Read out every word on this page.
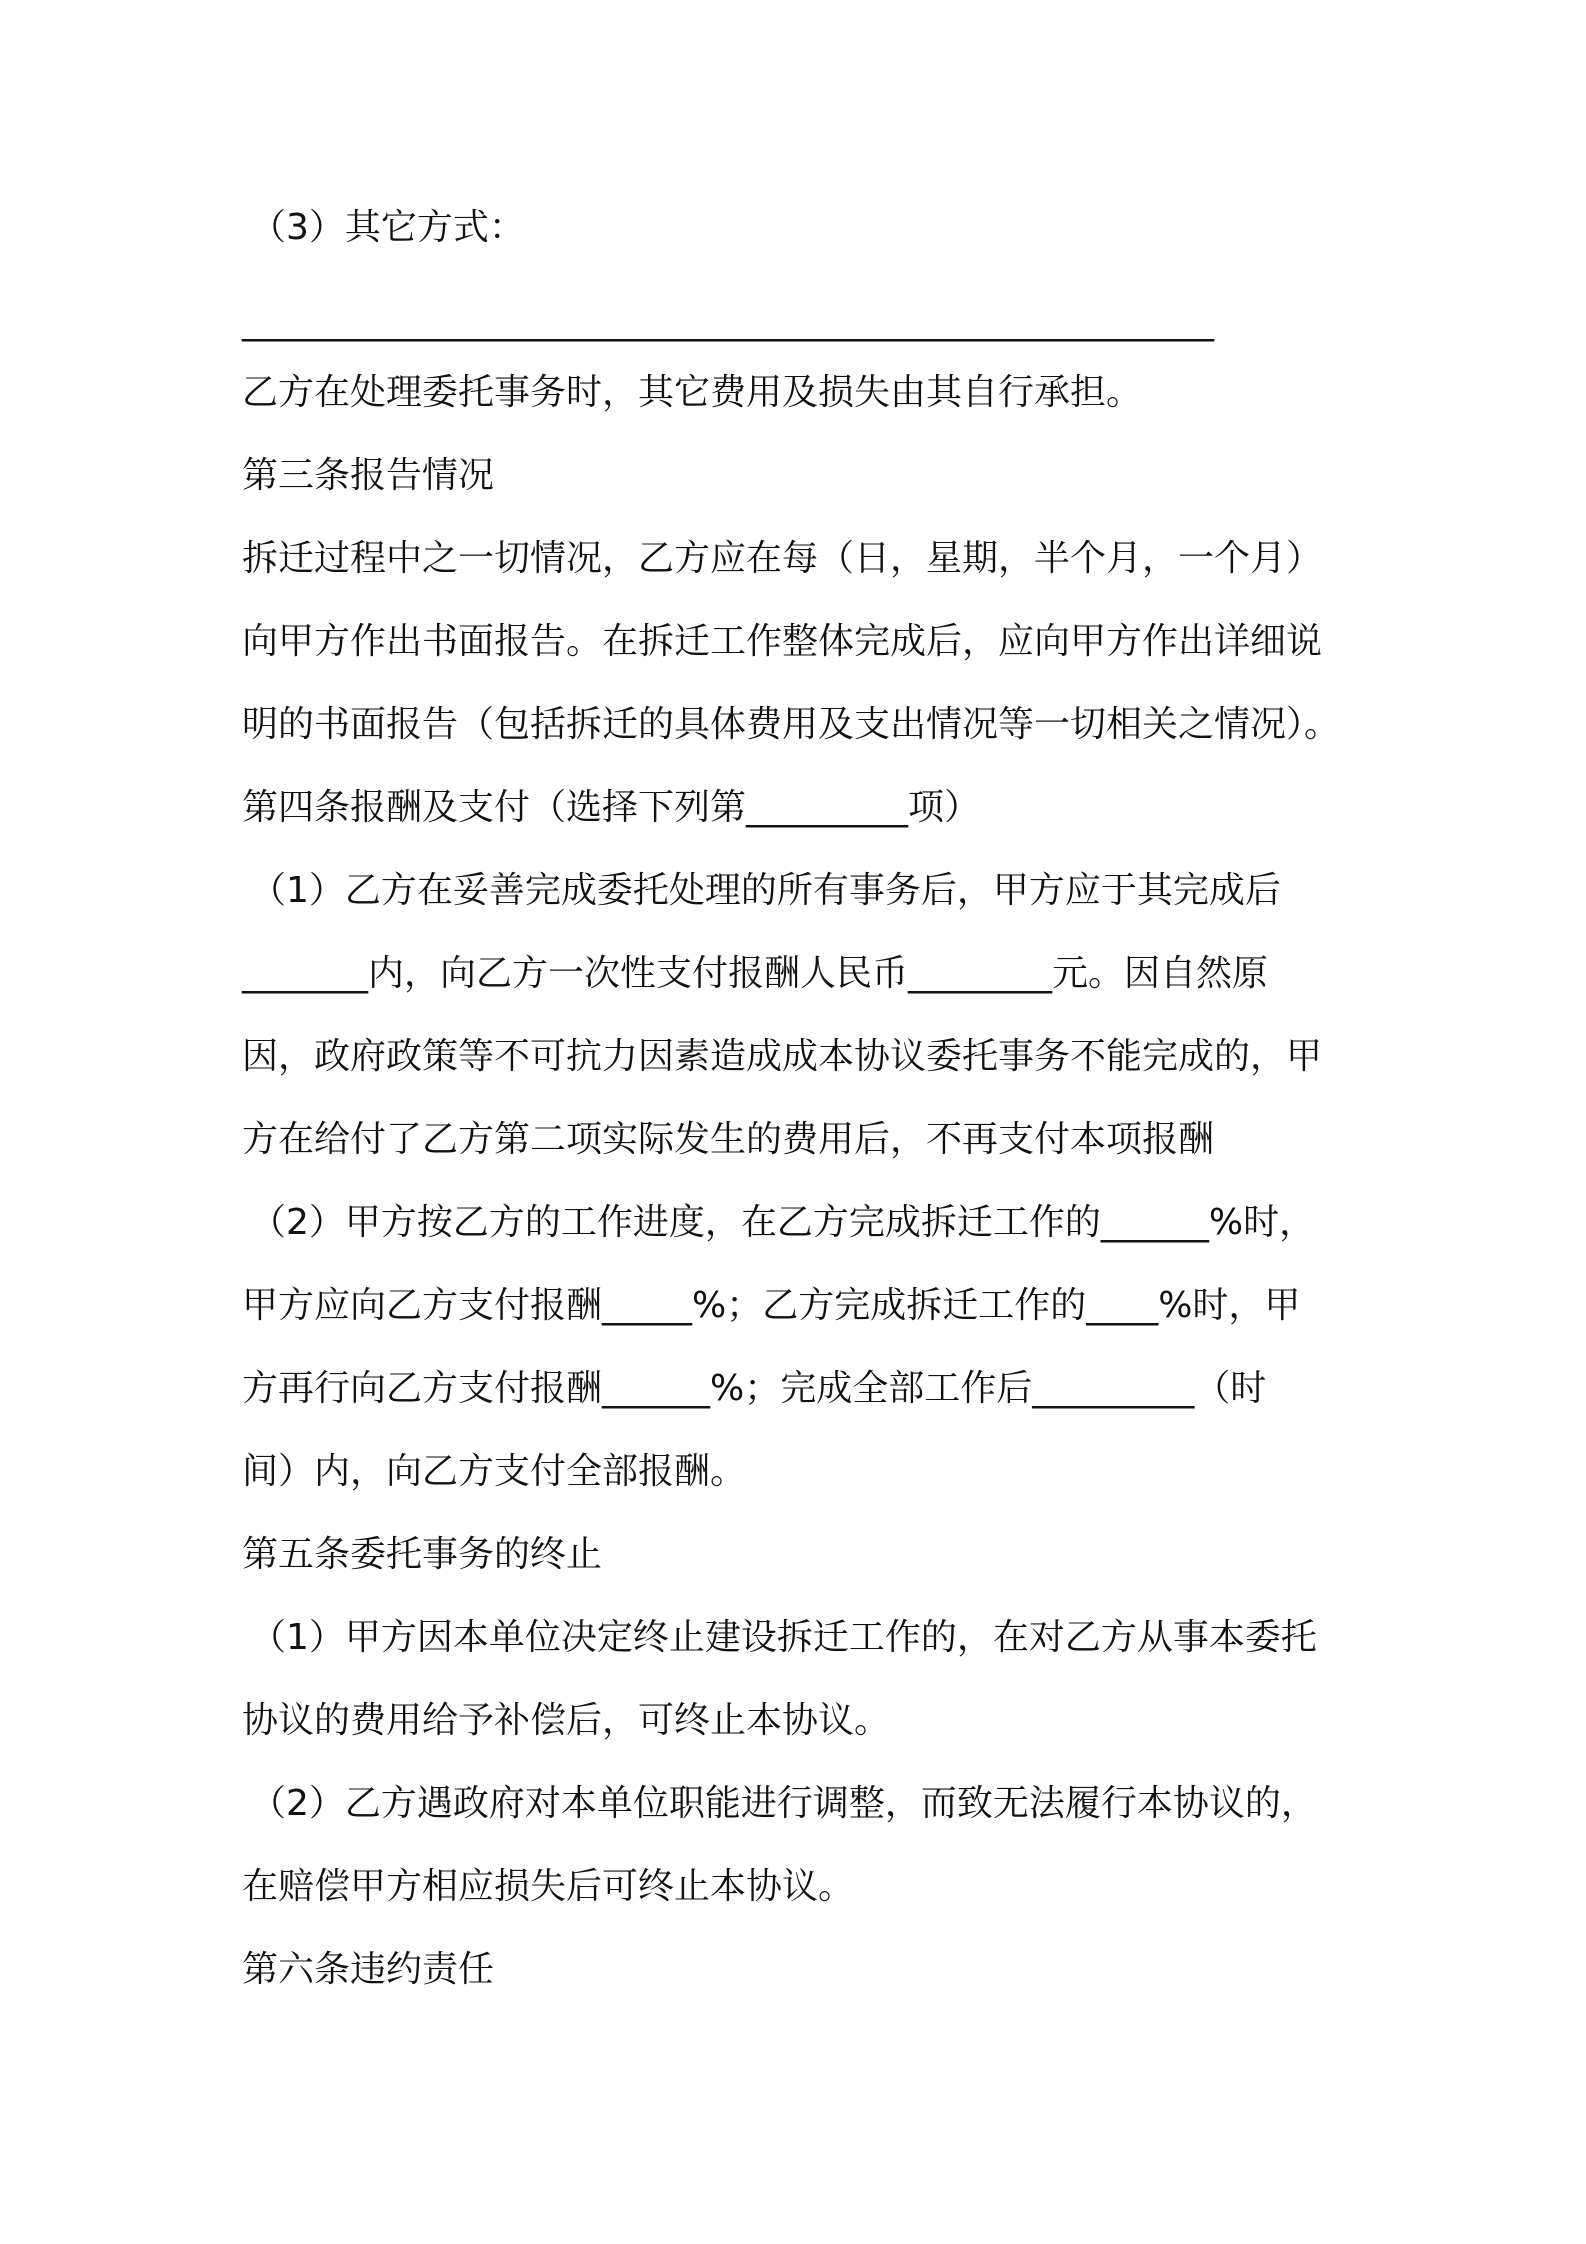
（3）其它方式：
______________________________________________________
乙方在处理委托事务时，其它费用及损失由其自行承担。
第三条报告情况
拆迁过程中之一切情况，乙方应在每（日，星期，半个月，一个月）
向甲方作出书面报告。在拆迁工作整体完成后，应向甲方作出详细说
明的书面报告（包括拆迁的具体费用及支出情况等一切相关之情况）。
第四条报酬及支付（选择下列第_________项）
（1）乙方在妥善完成委托处理的所有事务后，甲方应于其完成后
_______内，向乙方一次性支付报酬人民币________元。因自然原
因，政府政策等不可抗力因素造成成本协议委托事务不能完成的，甲
方在给付了乙方第二项实际发生的费用后，不再支付本项报酬
（2）甲方按乙方的工作进度，在乙方完成拆迁工作的______%时，
甲方应向乙方支付报酬_____%；乙方完成拆迁工作的____%时，甲
方再行向乙方支付报酬______%；完成全部工作后_________（时
间）内，向乙方支付全部报酬。
第五条委托事务的终止
（1）甲方因本单位决定终止建设拆迁工作的，在对乙方从事本委托
协议的费用给予补偿后，可终止本协议。
（2）乙方遇政府对本单位职能进行调整，而致无法履行本协议的，
在赔偿甲方相应损失后可终止本协议。
第六条违约责任
